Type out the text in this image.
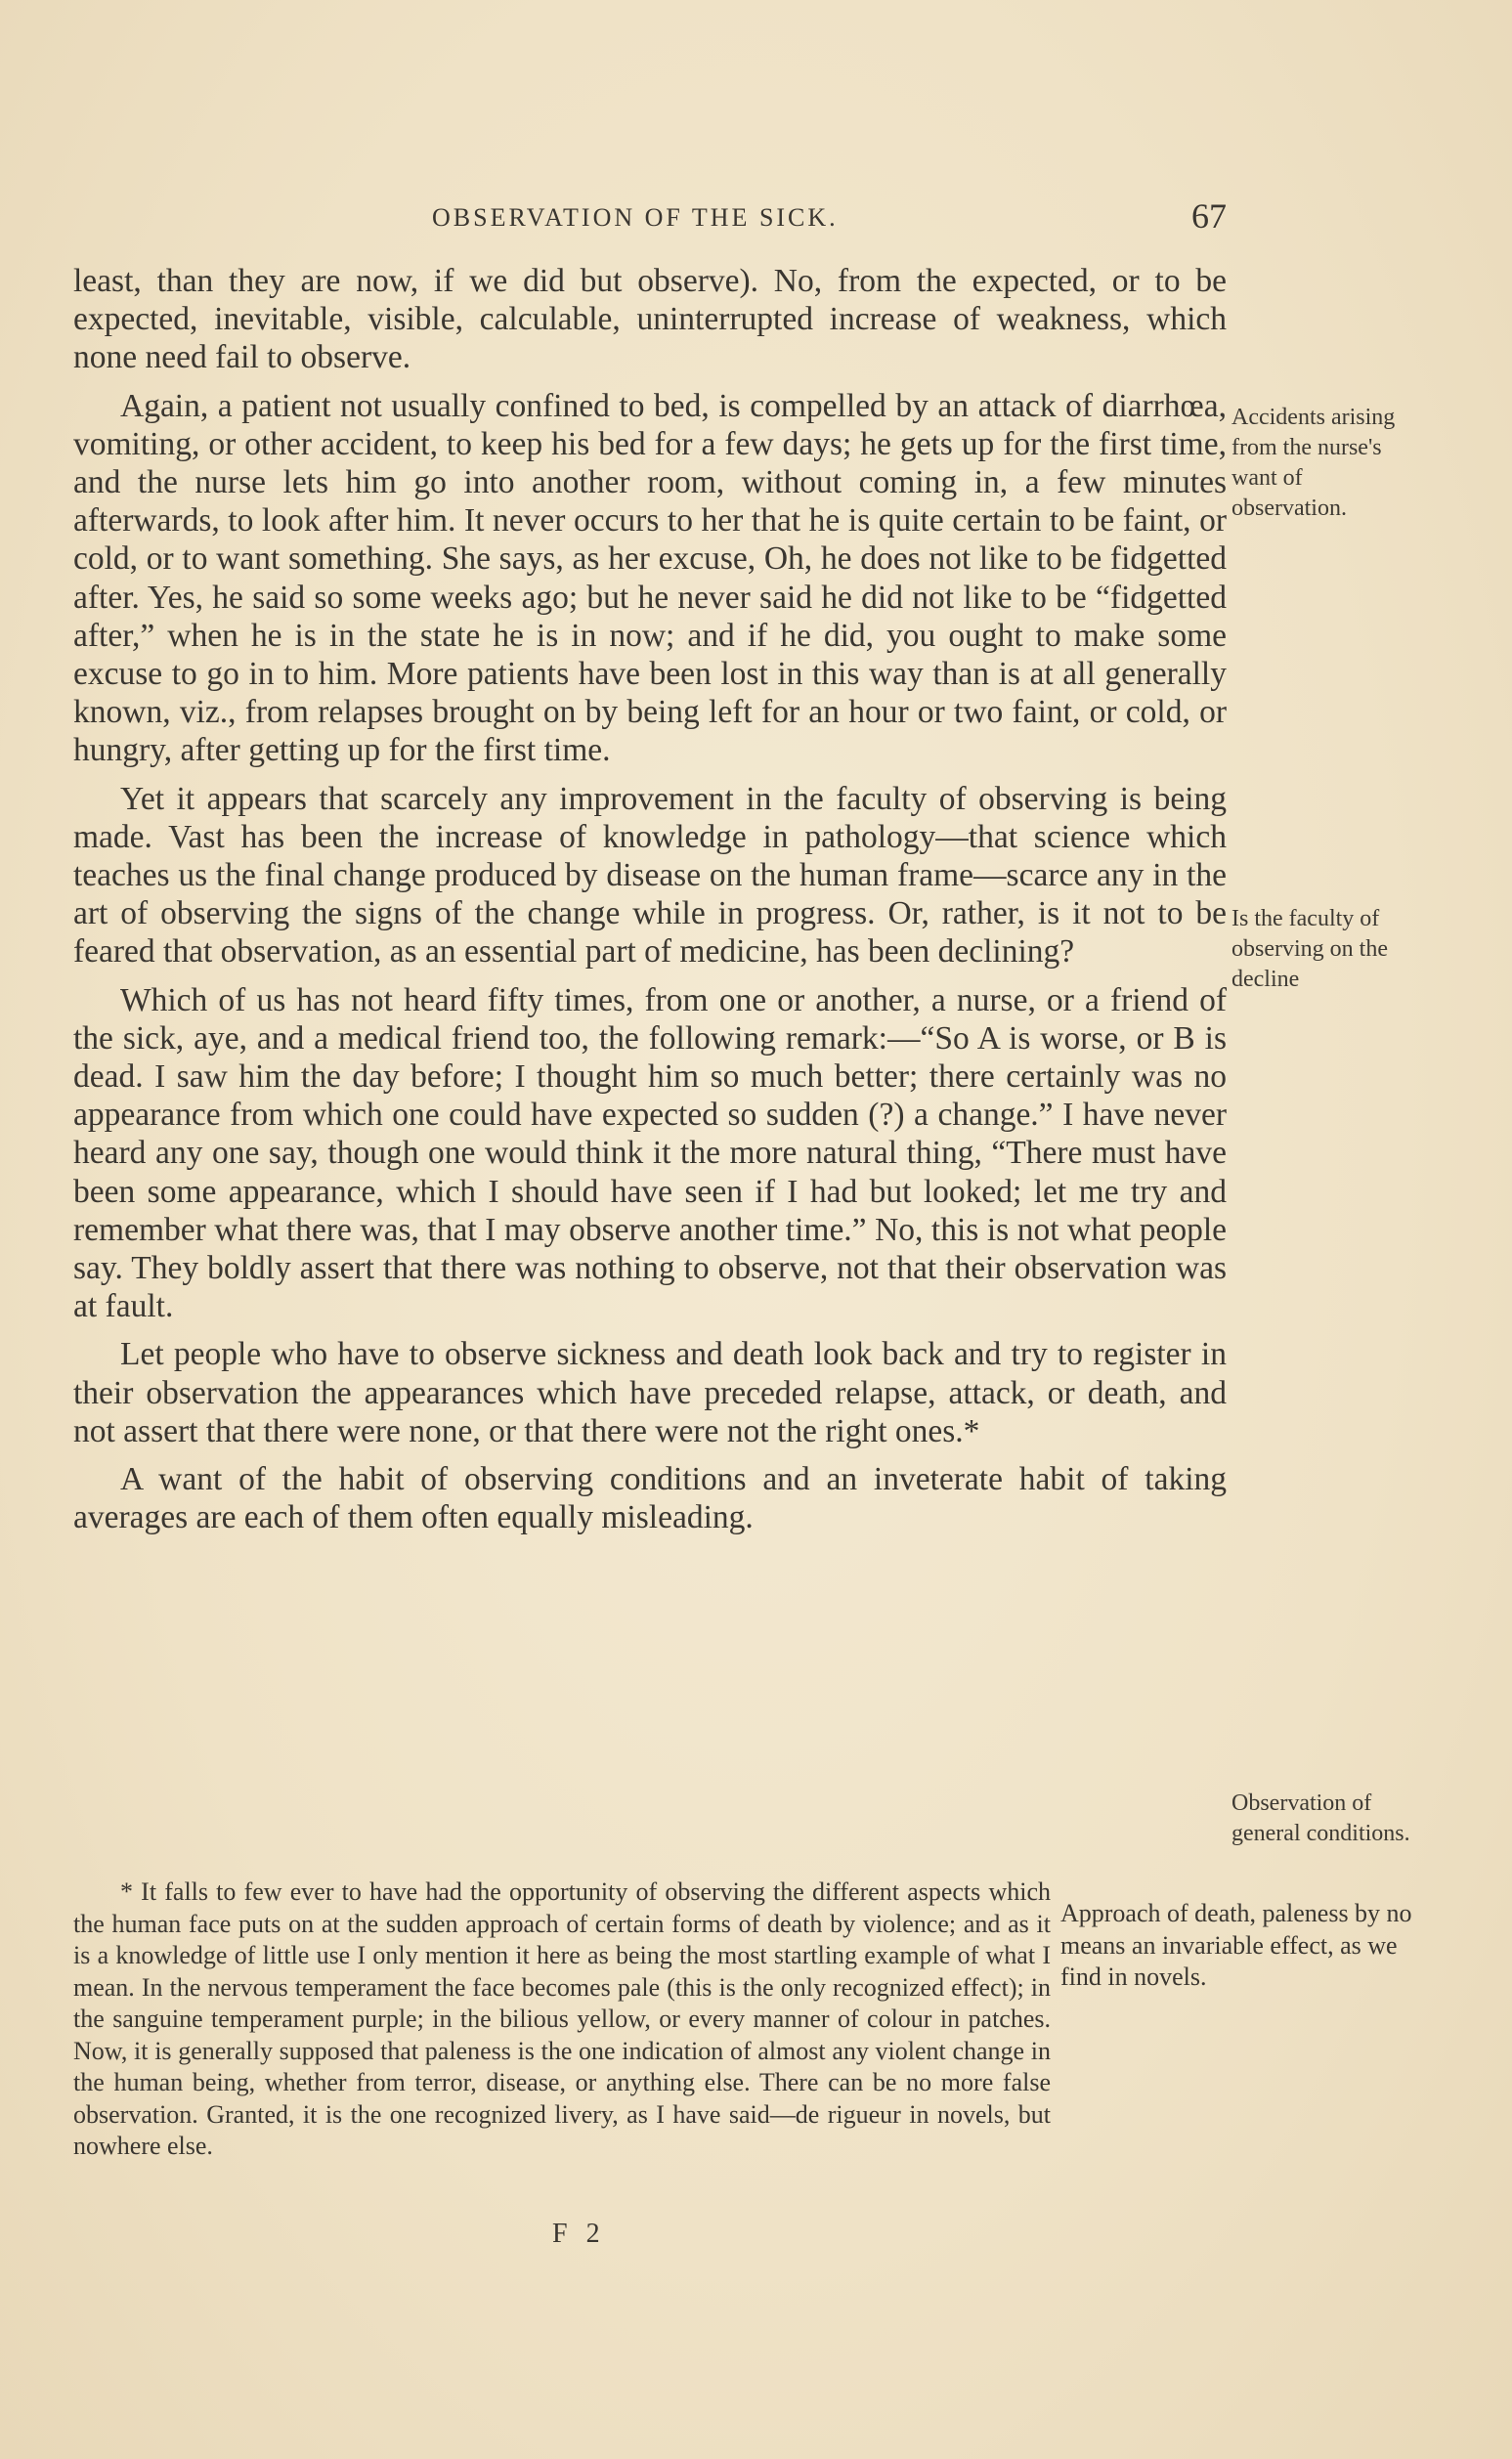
OBSERVATION OF THE SICK.	67

least, than they are now, if we did but observe). No, from the expected, or to be expected, inevitable, visible, calculable, uninterrupted increase of weakness, which none need fail to observe.

Again, a patient not usually confined to bed, is compelled by an attack of diarrhœa, vomiting, or other accident, to keep his bed for a few days; he gets up for the first time, and the nurse lets him go into another room, without coming in, a few minutes afterwards, to look after him. It never occurs to her that he is quite certain to be faint, or cold, or to want something. She says, as her excuse, Oh, he does not like to be fidgetted after. Yes, he said so some weeks ago; but he never said he did not like to be “fidgetted after,” when he is in the state he is in now; and if he did, you ought to make some excuse to go in to him. More patients have been lost in this way than is at all generally known, viz., from relapses brought on by being left for an hour or two faint, or cold, or hungry, after getting up for the first time.

Yet it appears that scarcely any improvement in the faculty of observing is being made. Vast has been the increase of knowledge in pathology—that science which teaches us the final change produced by disease on the human frame—scarce any in the art of observing the signs of the change while in progress. Or, rather, is it not to be feared that observation, as an essential part of medicine, has been declining?

Which of us has not heard fifty times, from one or another, a nurse, or a friend of the sick, aye, and a medical friend too, the following remark:—“So A is worse, or B is dead. I saw him the day before; I thought him so much better; there certainly was no appearance from which one could have expected so sudden (?) a change.” I have never heard any one say, though one would think it the more natural thing, “There must have been some appearance, which I should have seen if I had but looked; let me try and remember what there was, that I may observe another time.” No, this is not what people say. They boldly assert that there was nothing to observe, not that their observation was at fault.

Let people who have to observe sickness and death look back and try to register in their observation the appearances which have preceded relapse, attack, or death, and not assert that there were none, or that there were not the right ones.*

A want of the habit of observing conditions and an inveterate habit of taking averages are each of them often equally misleading.

Accidents arising from the nurse's want of observation.
Is the faculty of observing on the decline
Observation of general conditions.
* It falls to few ever to have had the opportunity of observing the different aspects which the human face puts on at the sudden approach of certain forms of death by violence; and as it is a knowledge of little use I only mention it here as being the most startling example of what I mean. In the nervous temperament the face becomes pale (this is the only recognized effect); in the sanguine temperament purple; in the bilious yellow, or every manner of colour in patches. Now, it is generally supposed that paleness is the one indication of almost any violent change in the human being, whether from terror, disease, or anything else. There can be no more false observation. Granted, it is the one recognized livery, as I have said—de rigueur in novels, but nowhere else.
Approach of death, paleness by no means an invariable effect, as we find in novels.
F 2
